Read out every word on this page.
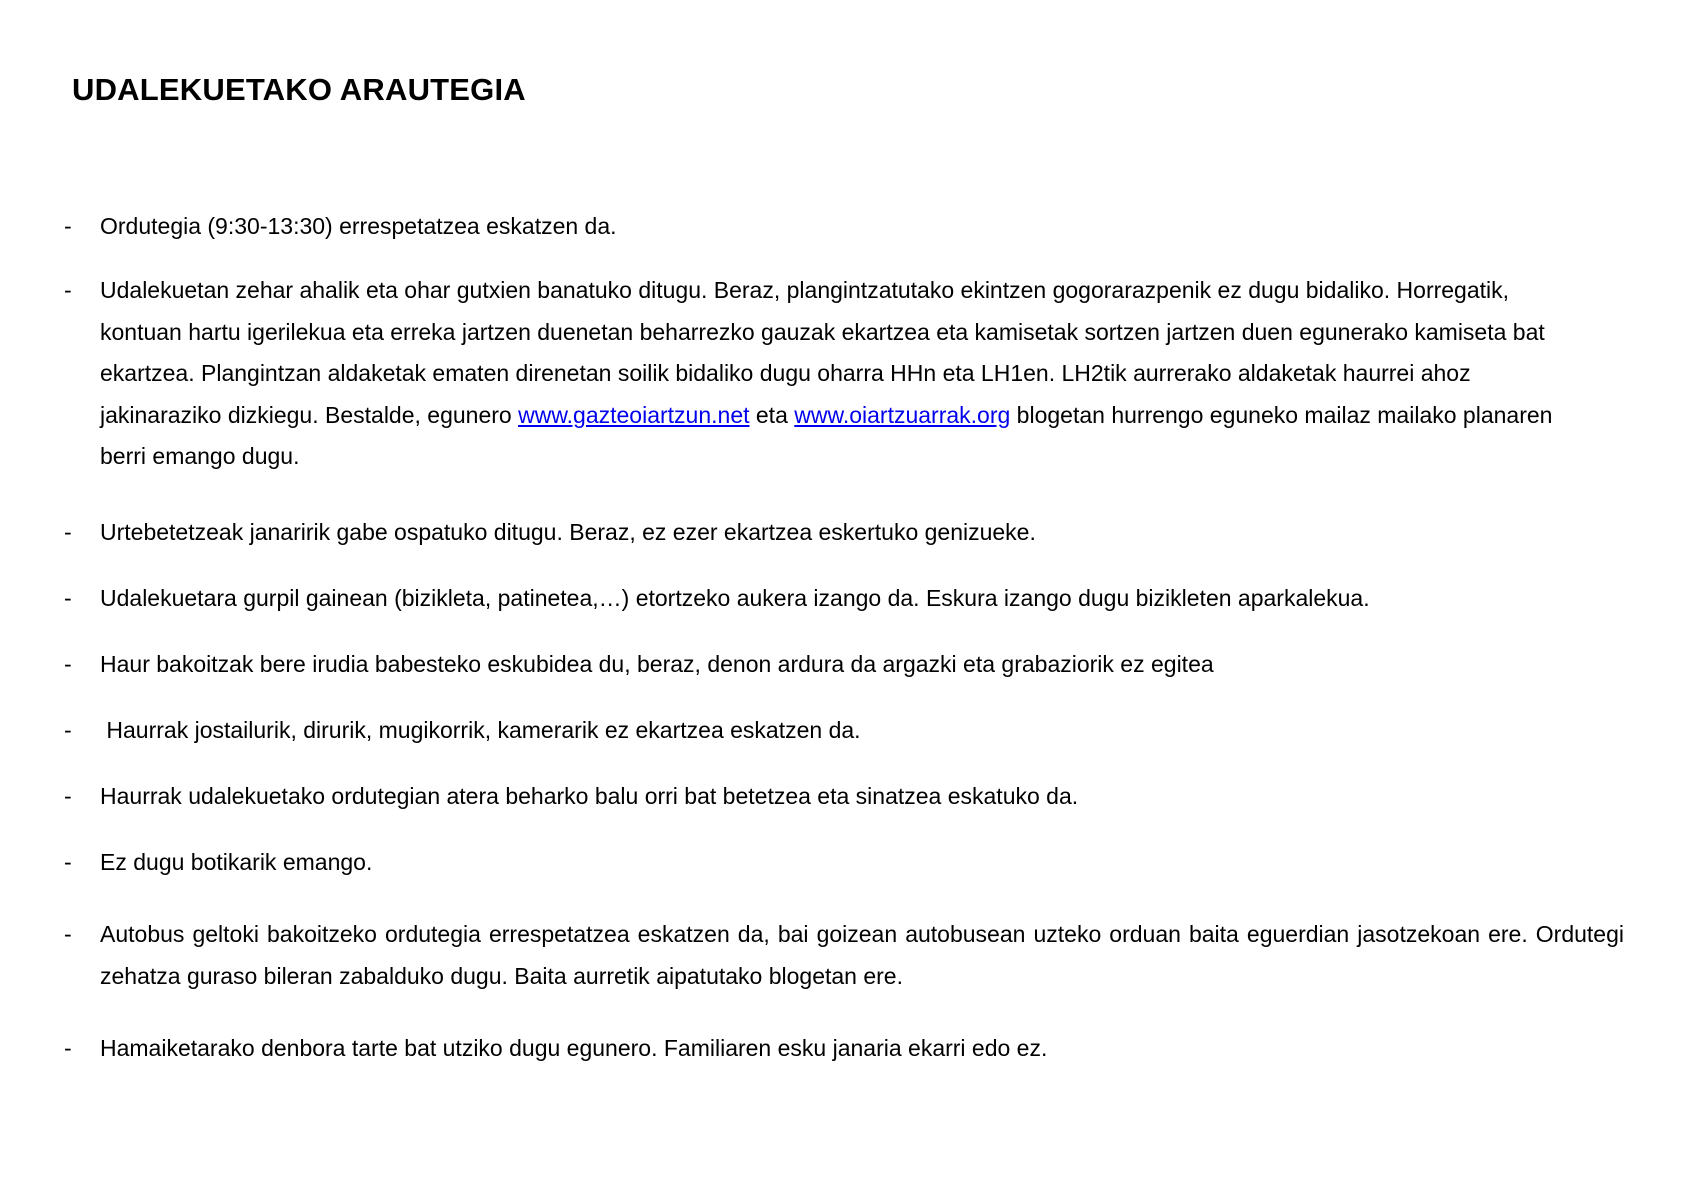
UDALEKUETAKO ARAUTEGIA
-	Ordutegia (9:30-13:30) errespetatzea eskatzen da.
-	Udalekuetan zehar ahalik eta ohar gutxien banatuko ditugu. Beraz, plangintzatutako ekintzen gogorarazpenik ez dugu bidaliko. Horregatik, kontuan hartu igerilekua eta erreka jartzen duenetan beharrezko gauzak ekartzea eta kamisetak sortzen jartzen duen egunerako kamiseta bat ekartzea. Plangintzan aldaketak ematen direnetan soilik bidaliko dugu oharra HHn eta LH1en. LH2tik aurrerako aldaketak haurrei ahoz jakinaraziko dizkiegu. Bestalde, egunero www.gazteoiartzun.net eta www.oiartzuarrak.org blogetan hurrengo eguneko mailaz mailako planaren berri emango dugu.
-	Urtebetetzeak janaririk gabe ospatuko ditugu. Beraz, ez ezer ekartzea eskertuko genizueke.
-	Udalekuetara gurpil gainean (bizikleta, patinetea,…) etortzeko aukera izango da. Eskura izango dugu bizikleten aparkalekua.
-	Haur bakoitzak bere irudia babesteko eskubidea du, beraz, denon ardura da argazki eta grabaziorik ez egitea
-	Haurrak jostailurik, dirurik, mugikorrik, kamerarik ez ekartzea eskatzen da.
-	Haurrak udalekuetako ordutegian atera beharko balu orri bat betetzea eta sinatzea eskatuko da.
-	Ez dugu botikarik emango.
-	Autobus geltoki bakoitzeko ordutegia errespetatzea eskatzen da, bai goizean autobusean uzteko orduan baita eguerdian jasotzekoan ere. Ordutegi zehatza guraso bileran zabalduko dugu. Baita aurretik aipatutako blogetan ere.
-	Hamaiketarako denbora tarte bat utziko dugu egunero. Familiaren esku janaria ekarri edo ez.
